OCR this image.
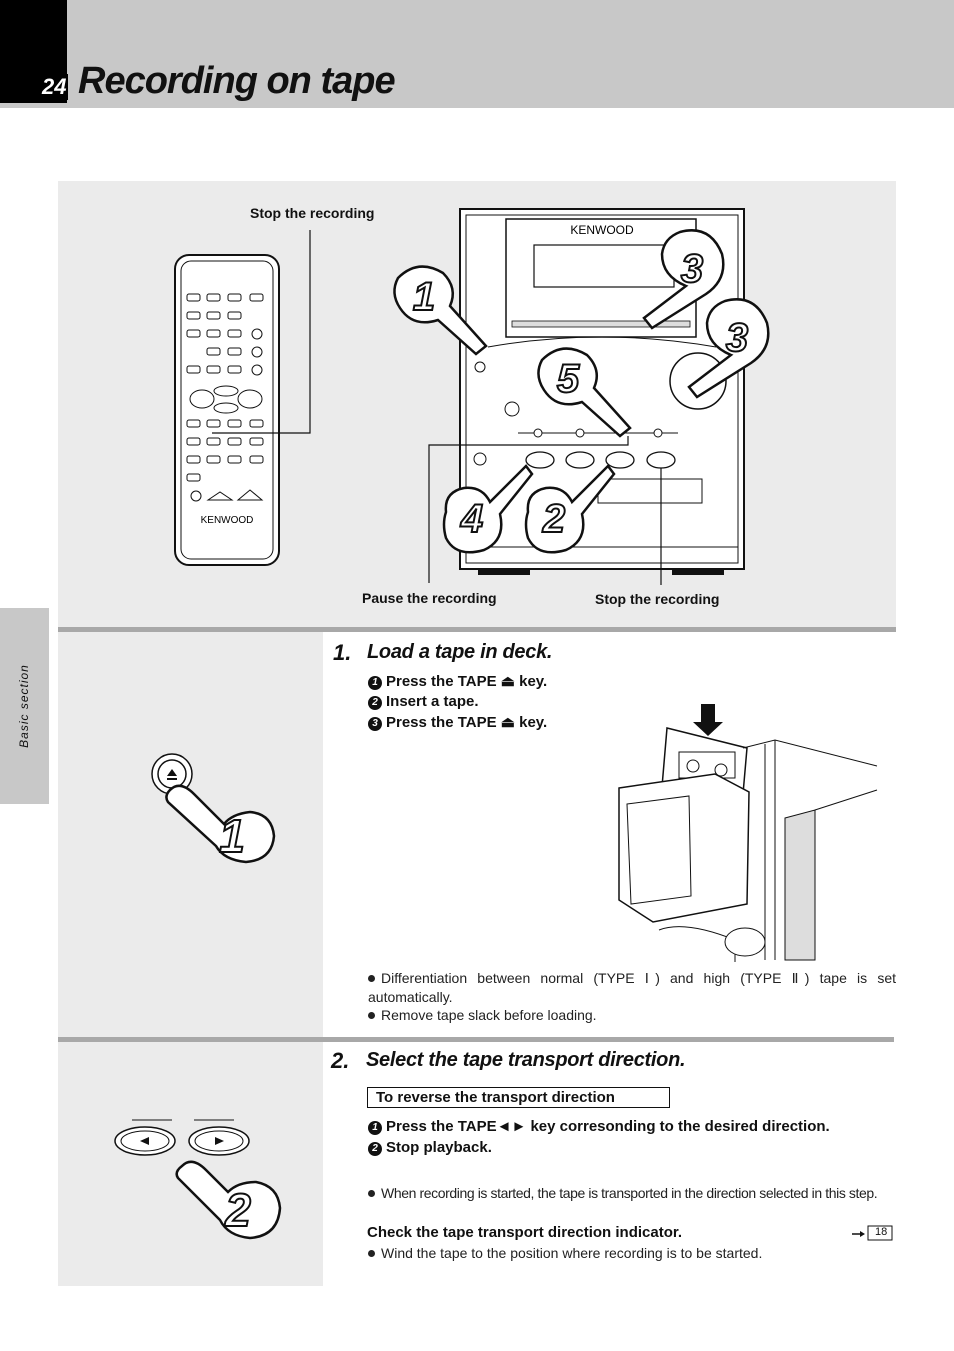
24 Recording on tape
Basic section
Stop the recording
Pause the recording	Stop the recording
KENWOOD
KENWOOD
1
3
3
5
4 2
1. Load a tape in deck.
1 Press the TAPE ⏏ key.
2 Insert a tape.
3 Press the TAPE ⏏ key.
1
Differentiation between normal (TYPE Ⅰ) and high (TYPE Ⅱ) tape is set automatically.
Remove tape slack before loading.
2. Select the tape transport direction.
To reverse the transport direction
1 Press the TAPE◄► key corresonding to the desired direction.
2 Stop playback.
2	When recording is started, the tape is transported in the direction selected in this step.
Check the tape transport direction indicator.	18
Wind the tape to the position where recording is to be started.
